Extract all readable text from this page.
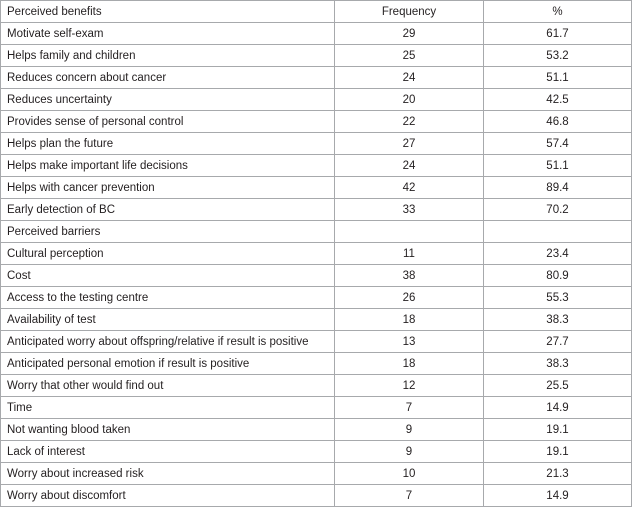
Perceived benefits	Frequency	%
Motivate self-exam	29	61.7
Helps family and children	25	53.2
Reduces concern about cancer	24	51.1
Reduces uncertainty	20	42.5
Provides sense of personal control	22	46.8
Helps plan the future	27	57.4
Helps make important life decisions	24	51.1
Helps with cancer prevention	42	89.4
Early detection of BC	33	70.2
Perceived barriers		
Cultural perception	11	23.4
Cost	38	80.9
Access to the testing centre	26	55.3
Availability of test	18	38.3
Anticipated worry about offspring/relative if result is positive	13	27.7
Anticipated personal emotion if result is positive	18	38.3
Worry that other would find out	12	25.5
Time	7	14.9
Not wanting blood taken	9	19.1
Lack of interest	9	19.1
Worry about increased risk	10	21.3
Worry about discomfort	7	14.9
